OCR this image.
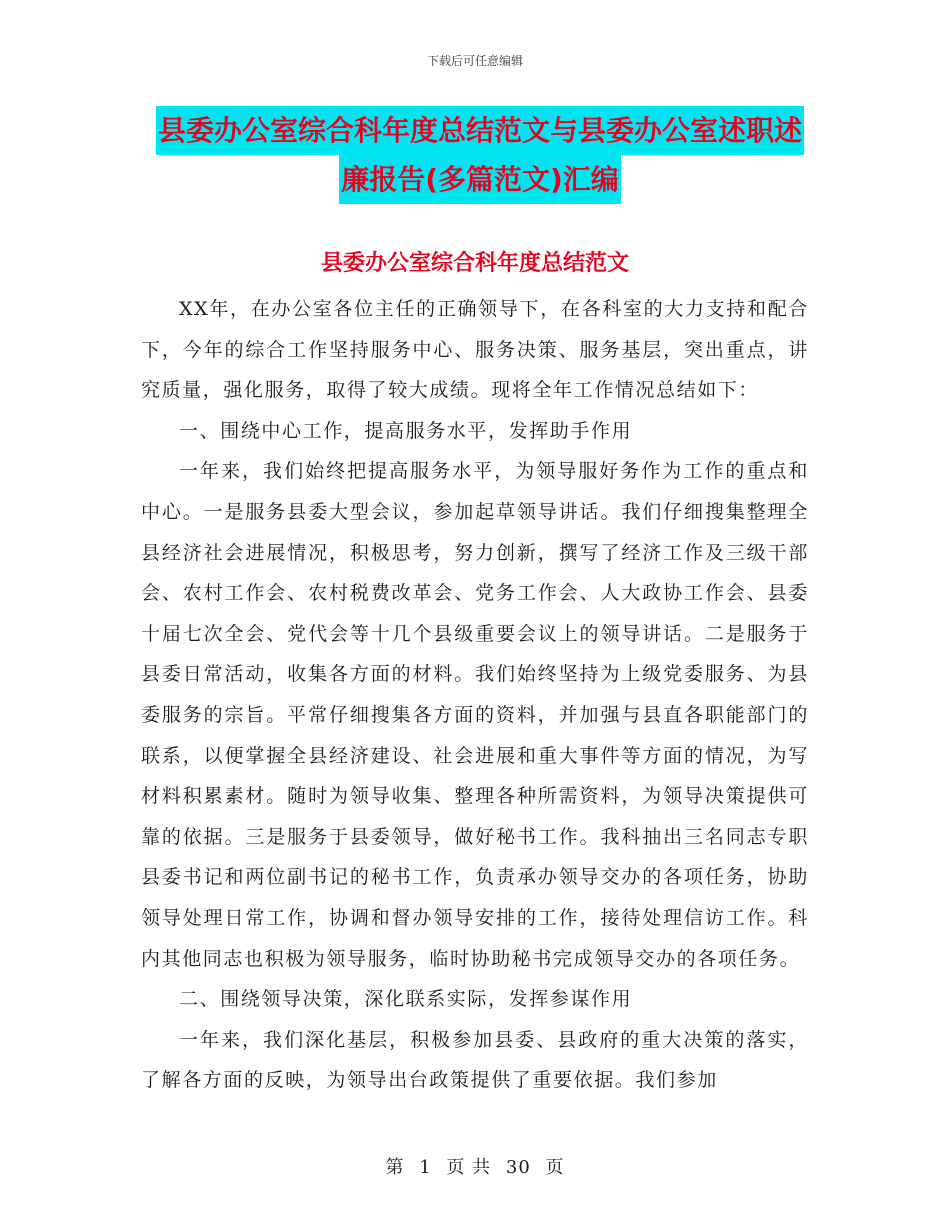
下载后可任意编辑
县委办公室综合科年度总结范文与县委办公室述职述
廉报告(多篇范文)汇编
县委办公室综合科年度总结范文

XX年，在办公室各位主任的正确领导下，在各科室的大力支持和配合下，今年的综合工作坚持服务中心、服务决策、服务基层，突出重点，讲究质量，强化服务，取得了较大成绩。现将全年工作情况总结如下：

一、围绕中心工作，提高服务水平，发挥助手作用

一年来，我们始终把提高服务水平，为领导服好务作为工作的重点和中心。一是服务县委大型会议，参加起草领导讲话。我们仔细搜集整理全县经济社会进展情况，积极思考，努力创新，撰写了经济工作及三级干部会、农村工作会、农村税费改革会、党务工作会、人大政协工作会、县委十届七次全会、党代会等十几个县级重要会议上的领导讲话。二是服务于县委日常活动，收集各方面的材料。我们始终坚持为上级党委服务、为县委服务的宗旨。平常仔细搜集各方面的资料，并加强与县直各职能部门的联系，以便掌握全县经济建设、社会进展和重大事件等方面的情况，为写材料积累素材。随时为领导收集、整理各种所需资料，为领导决策提供可靠的依据。三是服务于县委领导，做好秘书工作。我科抽出三名同志专职县委书记和两位副书记的秘书工作，负责承办领导交办的各项任务，协助领导处理日常工作，协调和督办领导安排的工作，接待处理信访工作。科内其他同志也积极为领导服务，临时协助秘书完成领导交办的各项任务。

二、围绕领导决策，深化联系实际，发挥参谋作用

一年来，我们深化基层，积极参加县委、县政府的重大决策的落实，了解各方面的反映，为领导出台政策提供了重要依据。我们参加

第 1 页 共 30 页
